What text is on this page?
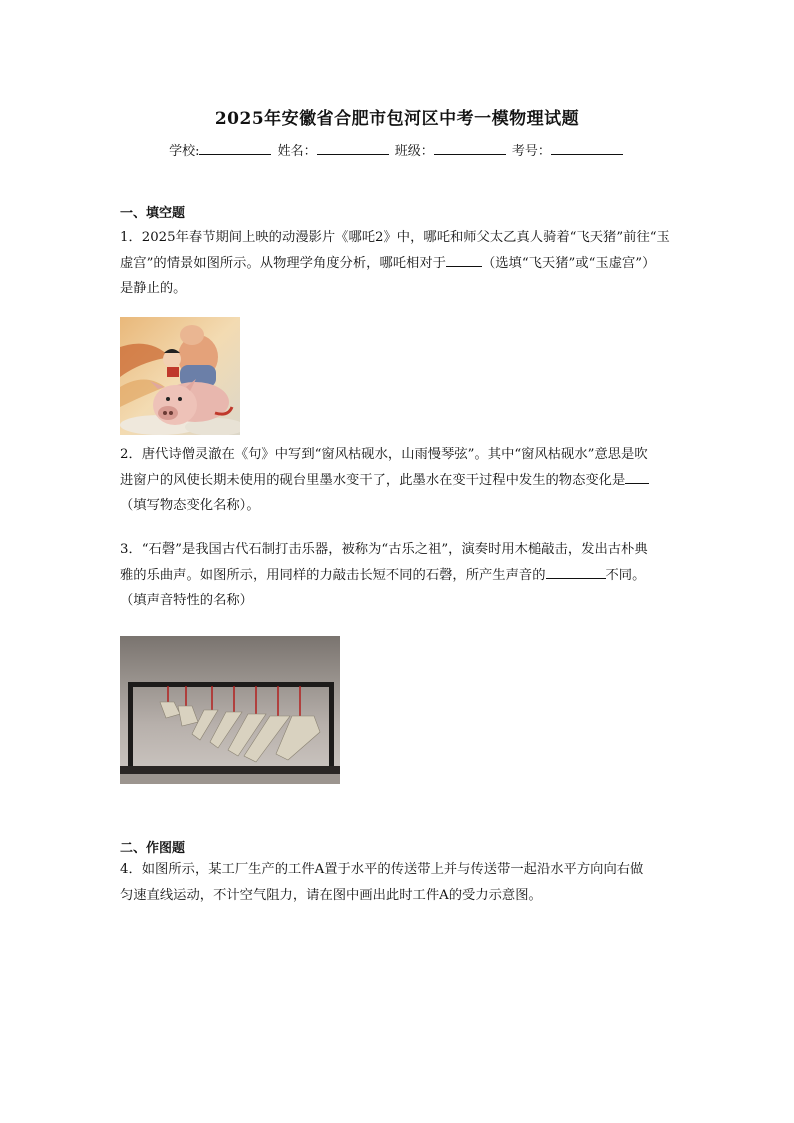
2025年安徽省合肥市包河区中考一模物理试题
学校:	姓名：	班级：	考号：
一、填空题
1．2025年春节期间上映的动漫影片《哪吒2》中，哪吒和师父太乙真人骑着“飞天猪”前往“玉
虚宫”的情景如图所示。从物理学角度分析，哪吒相对于	（选填“飞天猪”或“玉虚宫”）
是静止的。
2．唐代诗僧灵澈在《句》中写到“窗风枯砚水，山雨慢琴弦”。其中“窗风枯砚水”意思是吹
进窗户的风使长期未使用的砚台里墨水变干了，此墨水在变干过程中发生的物态变化是
（填写物态变化名称）。
3．“石磬”是我国古代石制打击乐器，被称为“古乐之祖”，演奏时用木槌敲击，发出古朴典
雅的乐曲声。如图所示，用同样的力敲击长短不同的石磬，所产生声音的	不同。
（填声音特性的名称）
二、作图题
4．如图所示，某工厂生产的工件A置于水平的传送带上并与传送带一起沿水平方向向右做
匀速直线运动，不计空气阻力，请在图中画出此时工件A的受力示意图。
